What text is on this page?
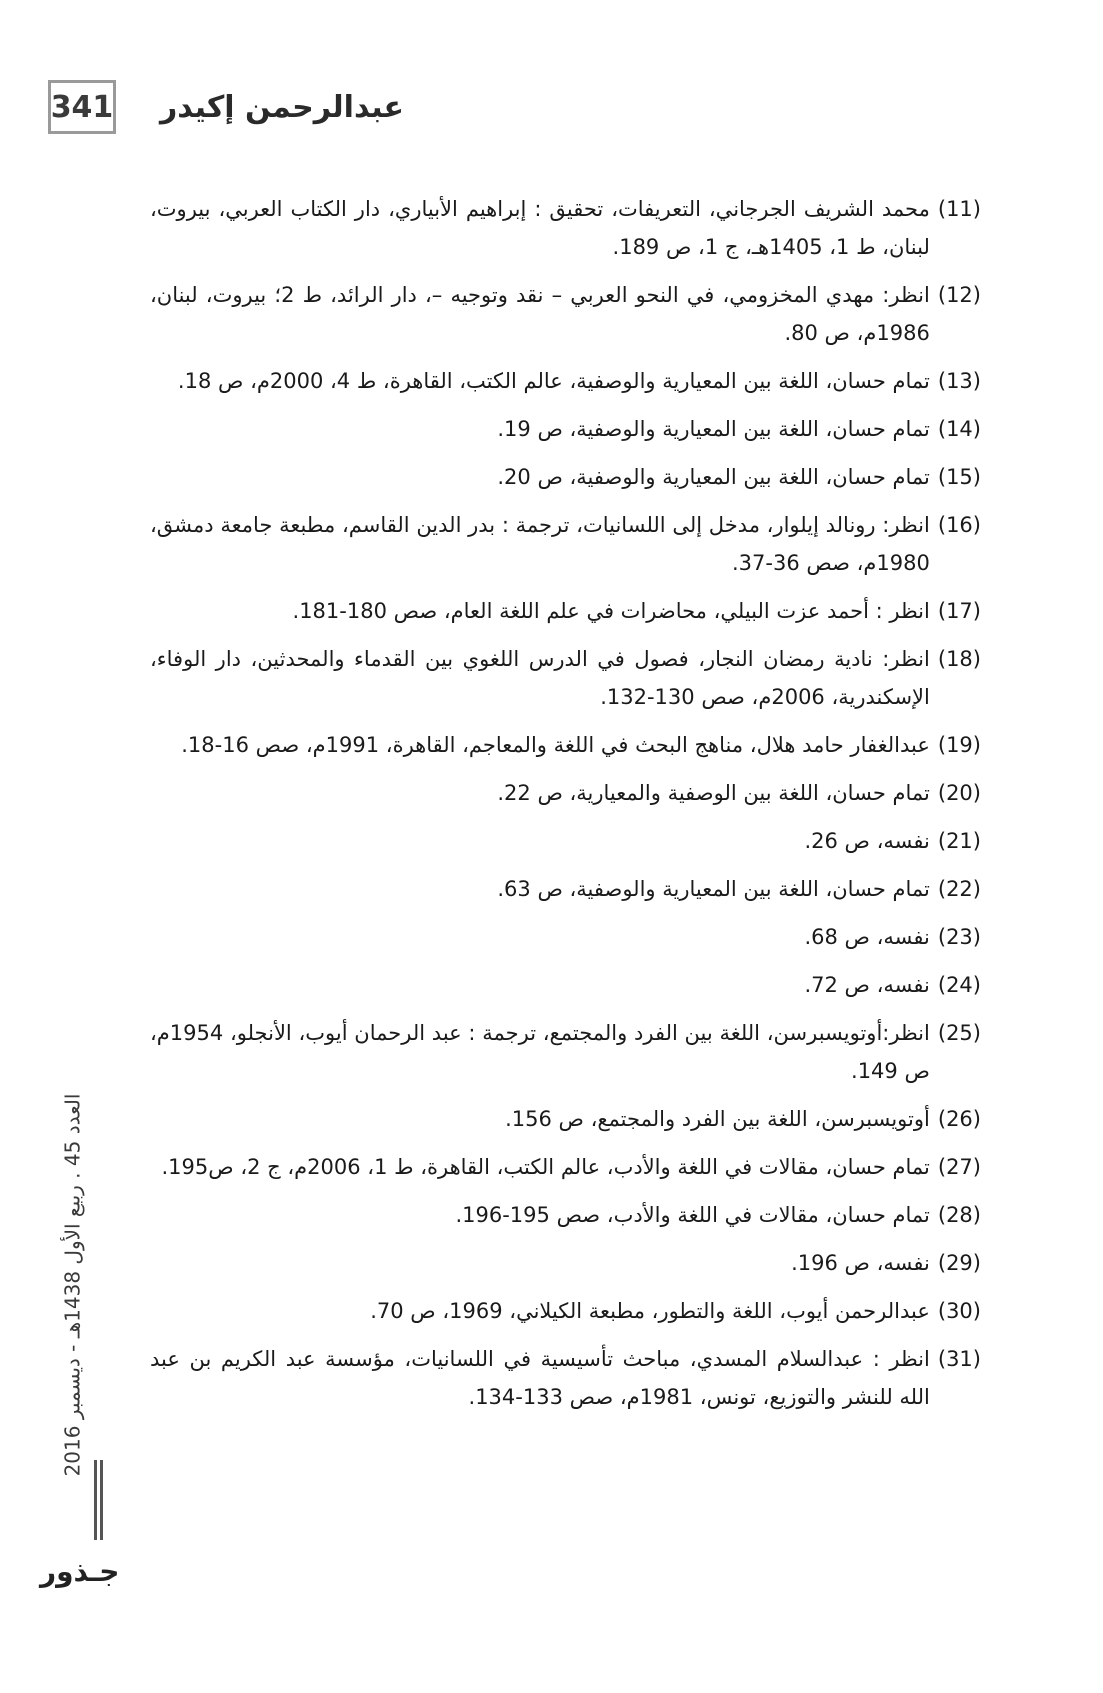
341 عبدالرحمن إكيدر
(11)
محمد الشريف الجرجاني، التعريفات، تحقيق : إبراهيم الأبياري، دار الكتاب العربي، بيروت، لبنان، ط 1، 1405هـ، ج 1، ص 189.
(12)
انظر: مهدي المخزومي، في النحو العربي – نقد وتوجيه –، دار الرائد، ط 2؛ بيروت، لبنان، 1986م، ص 80.
(13)
تمام حسان، اللغة بين المعيارية والوصفية، عالم الكتب، القاهرة، ط 4، 2000م، ص 18.
(14)
تمام حسان، اللغة بين المعيارية والوصفية، ص 19.
(15)
تمام حسان، اللغة بين المعيارية والوصفية، ص 20.
(16)
انظر: رونالد إيلوار، مدخل إلى اللسانيات، ترجمة : بدر الدين القاسم، مطبعة جامعة دمشق، 1980م، صص 36-37.
(17)
انظر : أحمد عزت البيلي، محاضرات في علم اللغة العام، صص 180-181.
(18)
انظر: نادية رمضان النجار، فصول في الدرس اللغوي بين القدماء والمحدثين، دار الوفاء، الإسكندرية، 2006م، صص 130-132.
(19)
عبدالغفار حامد هلال، مناهج البحث في اللغة والمعاجم، القاهرة، 1991م، صص 16-18.
(20)
تمام حسان، اللغة بين الوصفية والمعيارية، ص 22.
(21)
نفسه، ص 26.
(22)
تمام حسان، اللغة بين المعيارية والوصفية، ص 63.
(23)
نفسه، ص 68.
(24)
نفسه، ص 72.
(25)
انظر:أوتويسبرسن، اللغة بين الفرد والمجتمع، ترجمة : عبد الرحمان أيوب، الأنجلو، 1954م، ص 149.
(26)
أوتويسبرسن، اللغة بين الفرد والمجتمع، ص 156.
(27)
تمام حسان، مقالات في اللغة والأدب، عالم الكتب، القاهرة، ط 1، 2006م، ج 2، ص195.
(28)
تمام حسان، مقالات في اللغة والأدب، صص 195-196.
(29)
نفسه، ص 196.
(30)
عبدالرحمن أيوب، اللغة والتطور، مطبعة الكيلاني، 1969، ص 70.
(31)
انظر : عبدالسلام المسدي، مباحث تأسيسية في اللسانيات، مؤسسة عبد الكريم بن عبد الله للنشر والتوزيع، تونس، 1981م، صص 133-134.
العدد 45 . ربيع الأول 1438هـ - ديسمبر 2016
جـذور
